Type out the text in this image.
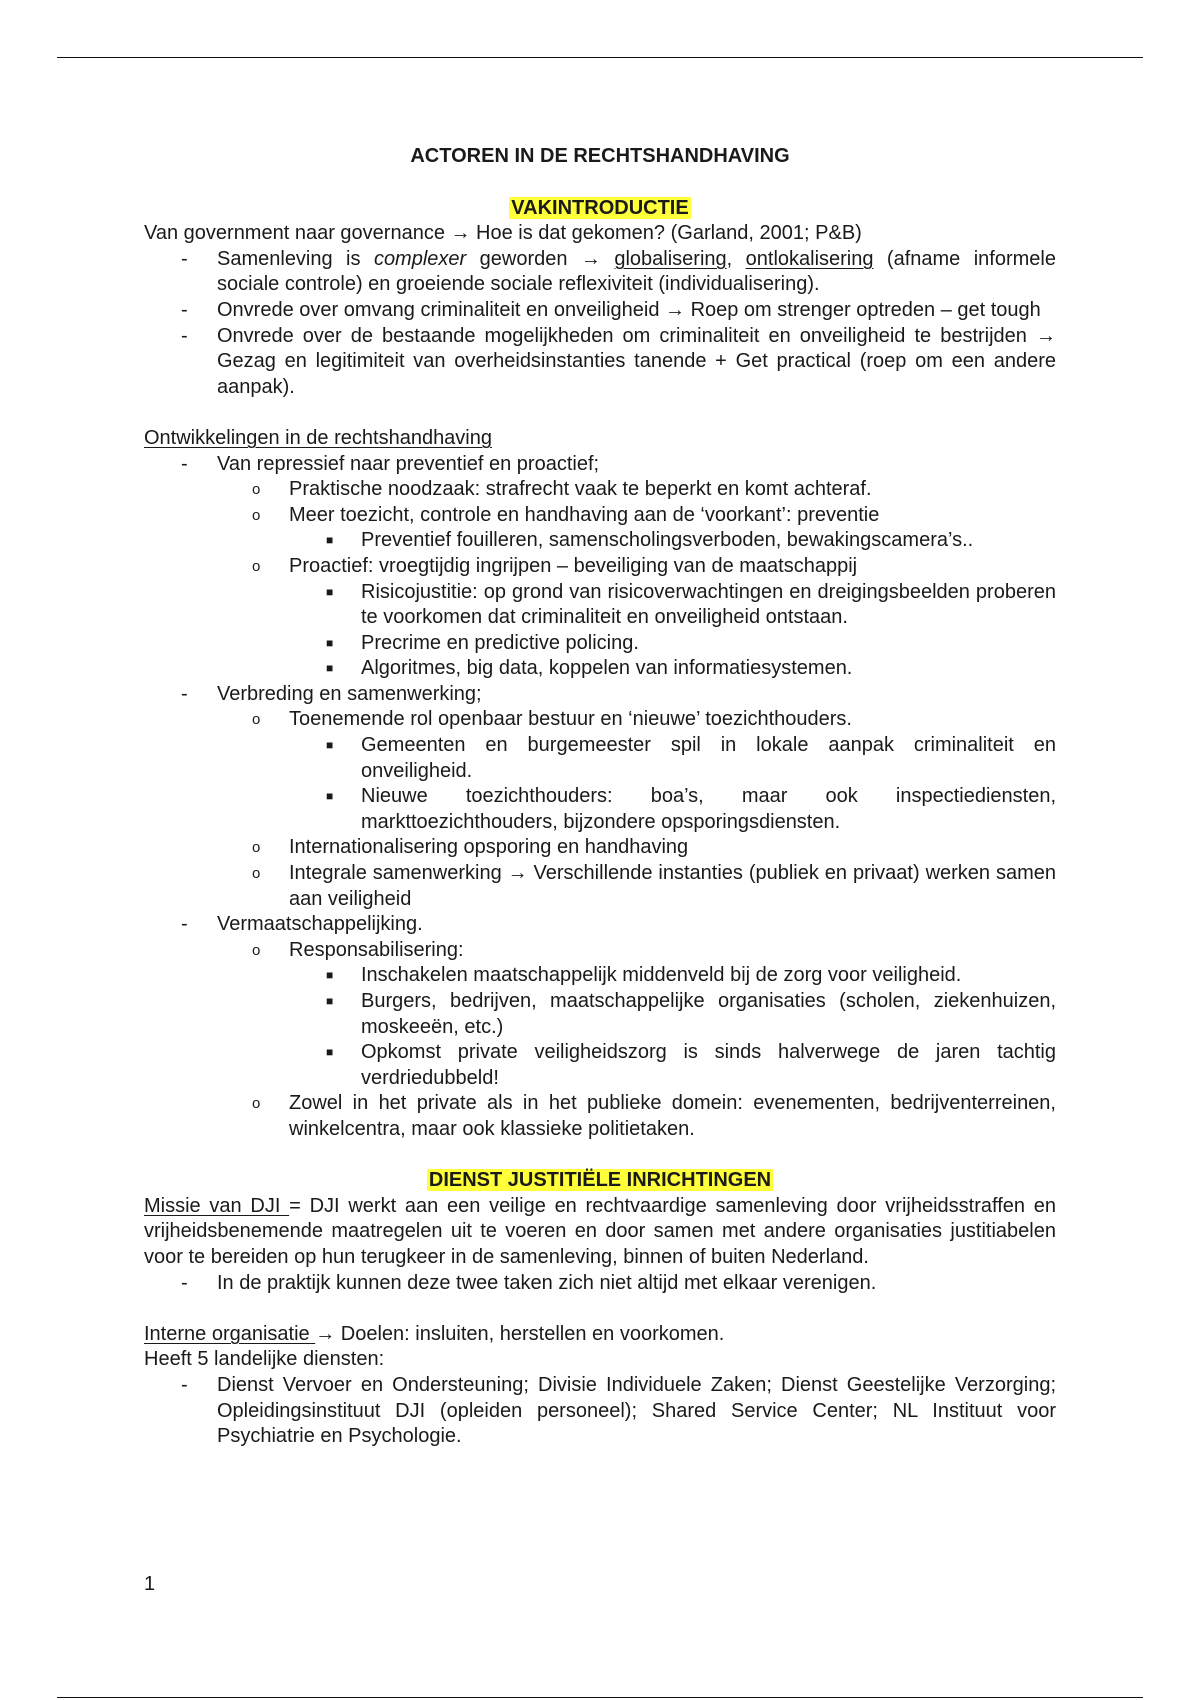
ACTOREN IN DE RECHTSHANDHAVING

VAKINTRODUCTIE

Van government naar governance → Hoe is dat gekomen? (Garland, 2001; P&B)

- Samenleving is complexer geworden → globalisering, ontlokalisering (afname informele sociale controle) en groeiende sociale reflexiviteit (individualisering).
- Onvrede over omvang criminaliteit en onveiligheid → Roep om strenger optreden – get tough
- Onvrede over de bestaande mogelijkheden om criminaliteit en onveiligheid te bestrijden → Gezag en legitimiteit van overheidsinstanties tanende + Get practical (roep om een andere aanpak).

Ontwikkelingen in de rechtshandhaving

- Van repressief naar preventief en proactief;
o Praktische noodzaak: strafrecht vaak te beperkt en komt achteraf.
o Meer toezicht, controle en handhaving aan de ‘voorkant’: preventie
■ Preventief fouilleren, samenscholingsverboden, bewakingscamera’s..
o Proactief: vroegtijdig ingrijpen – beveiliging van de maatschappij
■ Risicojustitie: op grond van risicoverwachtingen en dreigingsbeelden proberen te voorkomen dat criminaliteit en onveiligheid ontstaan.
■ Precrime en predictive policing.
■ Algoritmes, big data, koppelen van informatiesystemen.
- Verbreding en samenwerking;
o Toenemende rol openbaar bestuur en ‘nieuwe’ toezichthouders.
■ Gemeenten en burgemeester spil in lokale aanpak criminaliteit en onveiligheid.
■ Nieuwe toezichthouders: boa’s, maar ook inspectiediensten, markttoezichthouders, bijzondere opsporingsdiensten.
o Internationalisering opsporing en handhaving
o Integrale samenwerking → Verschillende instanties (publiek en privaat) werken samen aan veiligheid
- Vermaatschappelijking.
o Responsabilisering:
■ Inschakelen maatschappelijk middenveld bij de zorg voor veiligheid.
■ Burgers, bedrijven, maatschappelijke organisaties (scholen, ziekenhuizen, moskeeën, etc.)
■ Opkomst private veiligheidszorg is sinds halverwege de jaren tachtig verdriedubbeld!
o Zowel in het private als in het publieke domein: evenementen, bedrijventerreinen, winkelcentra, maar ook klassieke politietaken.

DIENST JUSTITIËLE INRICHTINGEN

Missie van DJI = DJI werkt aan een veilige en rechtvaardige samenleving door vrijheidsstraffen en vrijheidsbenemende maatregelen uit te voeren en door samen met andere organisaties justitiabelen voor te bereiden op hun terugkeer in de samenleving, binnen of buiten Nederland.

- In de praktijk kunnen deze twee taken zich niet altijd met elkaar verenigen.

Interne organisatie → Doelen: insluiten, herstellen en voorkomen.

Heeft 5 landelijke diensten:

- Dienst Vervoer en Ondersteuning; Divisie Individuele Zaken; Dienst Geestelijke Verzorging; Opleidingsinstituut DJI (opleiden personeel); Shared Service Center; NL Instituut voor Psychiatrie en Psychologie.
1
